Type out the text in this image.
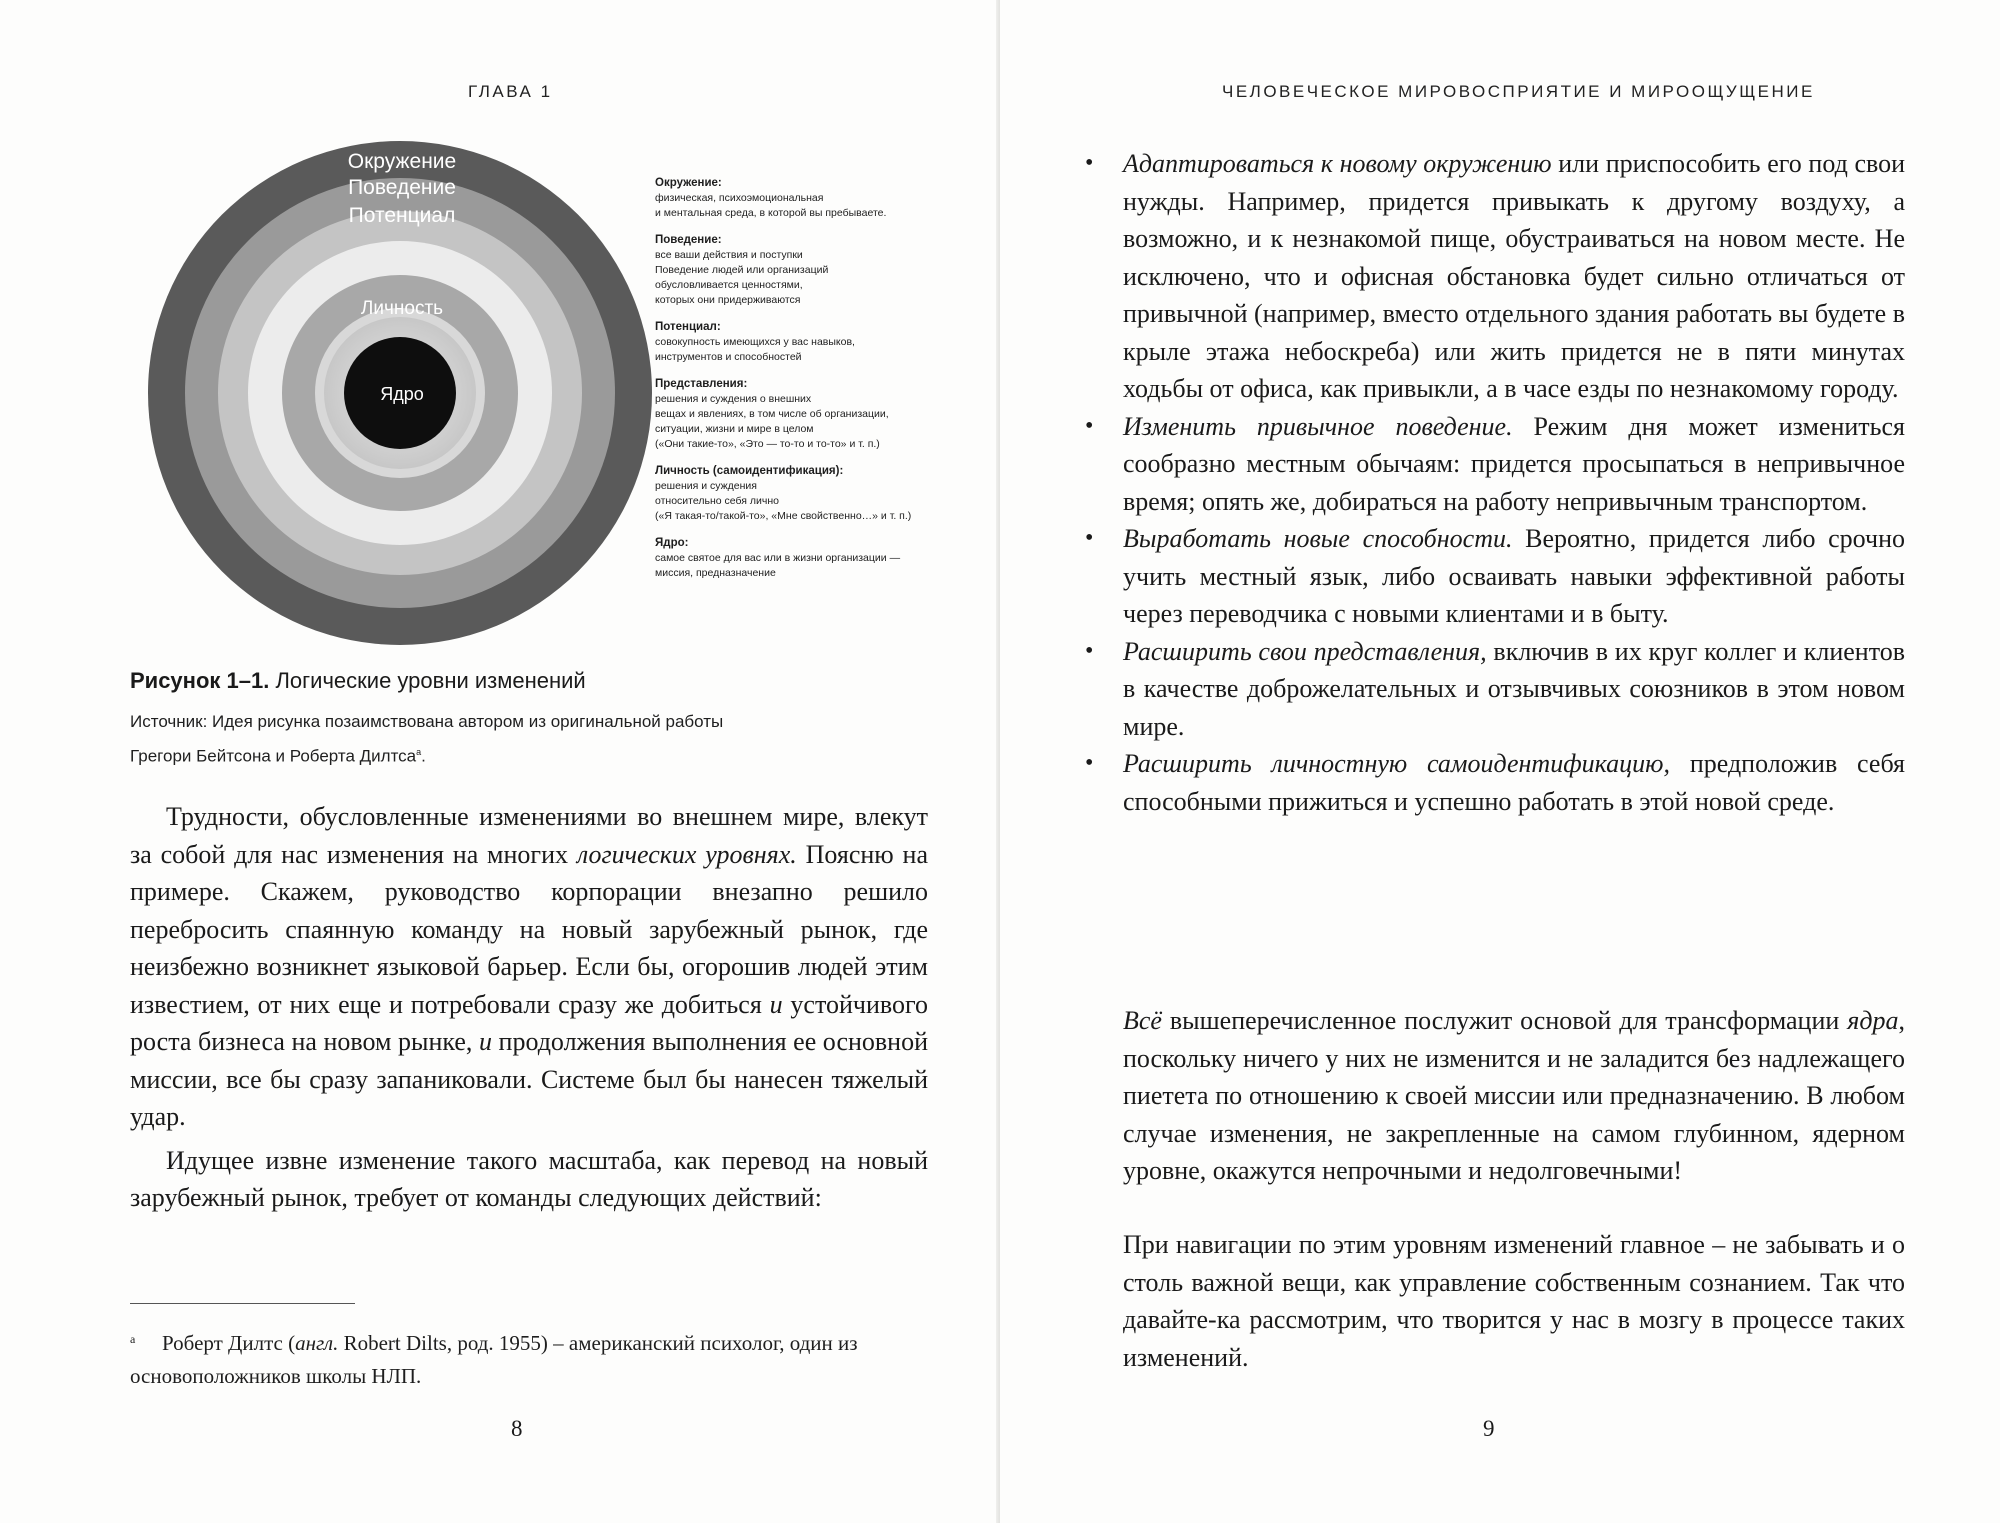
ГЛАВА 1
Окружение
Поведение
Потенциал
Личность
Ядро
Окружение:
физическая, психоэмоциональная
и ментальная среда, в которой вы пребываете.
Поведение:
все ваши действия и поступки
Поведение людей или организаций
обусловливается ценностями,
которых они придерживаются
Потенциал:
совокупность имеющихся у вас навыков,
инструментов и способностей
Представления:
решения и суждения о внешних
вещах и явлениях, в том числе об организации,
ситуации, жизни и мире в целом
(«Они такие-то», «Это — то-то и то-то» и т. п.)
Личность (самоидентификация):
решения и суждения
относительно себя лично
(«Я такая-то/такой-то», «Мне свойственно…» и т. п.)
Ядро:
самое святое для вас или в жизни организации —
миссия, предназначение
Рисунок 1–1. Логические уровни изменений
Источник: Идея рисунка позаимствована автором из оригинальной работы
Грегори Бейтсона и Роберта Дилтса$^а$.

Трудности, обусловленные изменениями во внешнем мире, влекут за собой для нас изменения на многих логических уровнях. Поясню на примере. Скажем, руководство корпорации внезапно решило перебросить спаянную команду на новый зарубежный рынок, где неизбежно возникнет языковой барьер. Если бы, огорошив людей этим известием, от них еще и потребовали сразу же добиться и устойчивого роста бизнеса на новом рынке, и продолжения выполнения ее основной миссии, все бы сразу запаниковали. Системе был бы нанесен тяжелый удар.

Идущее извне изменение такого масштаба, как перевод на новый зарубежный рынок, требует от команды следующих действий:

а Роберт Дилтс (англ. Robert Dilts, род. 1955) – американский психолог, один из основоположников школы НЛП.
8
ЧЕЛОВЕЧЕСКОЕ МИРОВОСПРИЯТИЕ И МИРООЩУЩЕНИЕ
• Адаптироваться к новому окружению или приспособить его под свои нужды. Например, придется привыкать к другому воздуху, а возможно, и к незнакомой пище, обустраиваться на новом месте. Не исключено, что и офисная обстановка будет сильно отличаться от привычной (например, вместо отдельного здания работать вы будете в крыле этажа небоскреба) или жить придется не в пяти минутах ходьбы от офиса, как привыкли, а в часе езды по незнакомому городу.
• Изменить привычное поведение. Режим дня может измениться сообразно местным обычаям: придется просыпаться в непривычное время; опять же, добираться на работу непривычным транспортом.
• Выработать новые способности. Вероятно, придется либо срочно учить местный язык, либо осваивать навыки эффективной работы через переводчика с новыми клиентами и в быту.
• Расширить свои представления, включив в их круг коллег и клиентов в качестве доброжелательных и отзывчивых союзников в этом новом мире.
• Расширить личностную самоидентификацию, предположив себя способными прижиться и успешно работать в этой новой среде.

Всё вышеперечисленное послужит основой для трансформации ядра, поскольку ничего у них не изменится и не заладится без надлежащего пиетета по отношению к своей миссии или предназначению. В любом случае изменения, не закрепленные на самом глубинном, ядерном уровне, окажутся непрочными и недолговечными!

При навигации по этим уровням изменений главное – не забывать и о столь важной вещи, как управление собственным сознанием. Так что давайте-ка рассмотрим, что творится у нас в мозгу в процессе таких изменений.

9
